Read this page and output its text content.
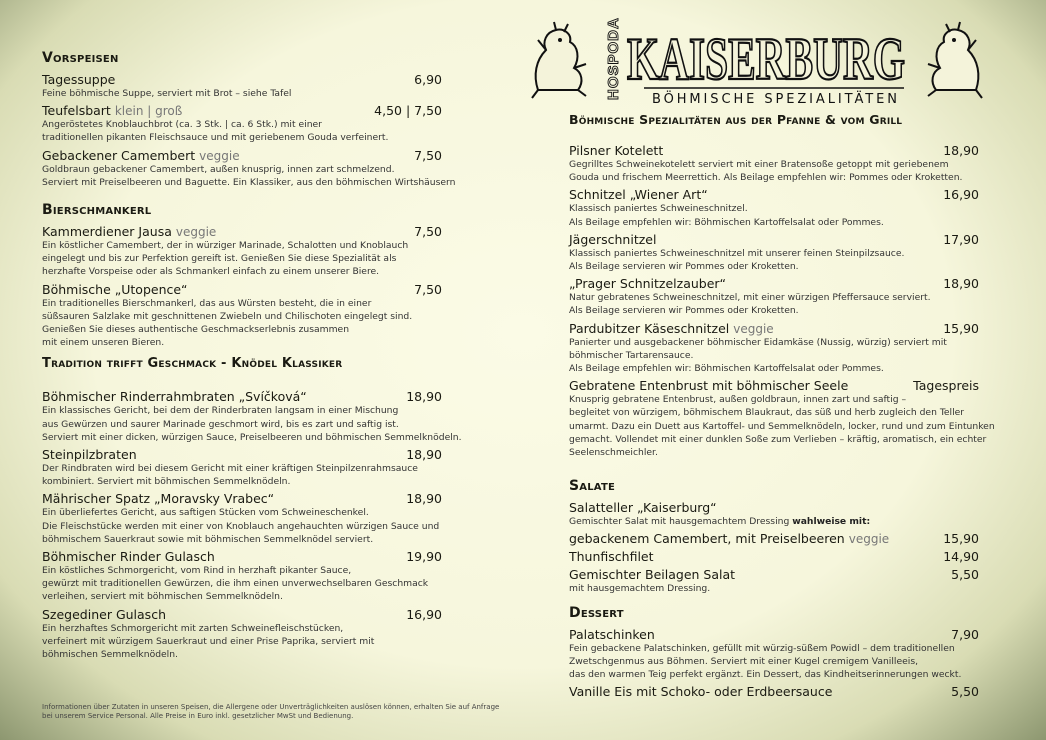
HOSPODA KAISERBURG
BÖHMISCHE SPEZIALITÄTEN
Vorspeisen
Tagessuppe	6,90
Feine böhmische Suppe, serviert mit Brot – siehe Tafel
Teufelsbart klein | groß	4,50 | 7,50
Angeröstetes Knoblauchbrot (ca. 3 Stk. | ca. 6 Stk.) mit einer
traditionellen pikanten Fleischsauce und mit geriebenem Gouda verfeinert.
Gebackener Camembert veggie	7,50
Goldbraun gebackener Camembert, außen knusprig, innen zart schmelzend.
Serviert mit Preiselbeeren und Baguette. Ein Klassiker, aus den böhmischen Wirtshäusern
Bierschmankerl
Kammerdiener Jausa veggie	7,50
Ein köstlicher Camembert, der in würziger Marinade, Schalotten und Knoblauch
eingelegt und bis zur Perfektion gereift ist. Genießen Sie diese Spezialität als
herzhafte Vorspeise oder als Schmankerl einfach zu einem unserer Biere.
Böhmische „Utopence“	7,50
Ein traditionelles Bierschmankerl, das aus Würsten besteht, die in einer
süßsauren Salzlake mit geschnittenen Zwiebeln und Chilischoten eingelegt sind.
Genießen Sie dieses authentische Geschmackserlebnis zusammen
mit einem unseren Bieren.
Tradition trifft Geschmack - Knödel Klassiker
Böhmischer Rinderrahmbraten „Svíčková“	18,90
Ein klassisches Gericht, bei dem der Rinderbraten langsam in einer Mischung
aus Gewürzen und saurer Marinade geschmort wird, bis es zart und saftig ist.
Serviert mit einer dicken, würzigen Sauce, Preiselbeeren und böhmischen Semmelknödeln.
Steinpilzbraten	18,90
Der Rindbraten wird bei diesem Gericht mit einer kräftigen Steinpilzenrahmsauce
kombiniert. Serviert mit böhmischen Semmelknödeln.
Mährischer Spatz „Moravsky Vrabec“	18,90
Ein überliefertes Gericht, aus saftigen Stücken vom Schweineschenkel.
Die Fleischstücke werden mit einer von Knoblauch angehauchten würzigen Sauce und
böhmischem Sauerkraut sowie mit böhmischen Semmelknödel serviert.
Böhmischer Rinder Gulasch	19,90
Ein köstliches Schmorgericht, vom Rind in herzhaft pikanter Sauce,
gewürzt mit traditionellen Gewürzen, die ihm einen unverwechselbaren Geschmack
verleihen, serviert mit böhmischen Semmelknödeln.
Szegediner Gulasch	16,90
Ein herzhaftes Schmorgericht mit zarten Schweinefleischstücken,
verfeinert mit würzigem Sauerkraut und einer Prise Paprika, serviert mit
böhmischen Semmelknödeln.
Informationen über Zutaten in unseren Speisen, die Allergene oder Unverträglichkeiten auslösen können, erhalten Sie auf Anfrage
bei unserem Service Personal. Alle Preise in Euro inkl. gesetzlicher MwSt und Bedienung.
Böhmische Spezialitäten aus der Pfanne & vom Grill
Pilsner Kotelett	18,90
Gegrilltes Schweinekotelett serviert mit einer Bratensoße getoppt mit geriebenem
Gouda und frischem Meerrettich. Als Beilage empfehlen wir: Pommes oder Kroketten.
Schnitzel „Wiener Art“	16,90
Klassisch paniertes Schweineschnitzel.
Als Beilage empfehlen wir: Böhmischen Kartoffelsalat oder Pommes.
Jägerschnitzel	17,90
Klassisch paniertes Schweineschnitzel mit unserer feinen Steinpilzsauce.
Als Beilage servieren wir Pommes oder Kroketten.
„Prager Schnitzelzauber“	18,90
Natur gebratenes Schweineschnitzel, mit einer würzigen Pfeffersauce serviert.
Als Beilage servieren wir Pommes oder Kroketten.
Pardubitzer Käseschnitzel veggie	15,90
Panierter und ausgebackener böhmischer Eidamkäse (Nussig, würzig) serviert mit
böhmischer Tartarensauce.
Als Beilage empfehlen wir: Böhmischen Kartoffelsalat oder Pommes.
Gebratene Entenbrust mit böhmischer Seele	Tagespreis
Knusprig gebratene Entenbrust, außen goldbraun, innen zart und saftig –
begleitet von würzigem, böhmischem Blaukraut, das süß und herb zugleich den Teller
umarmt. Dazu ein Duett aus Kartoffel- und Semmelknödeln, locker, rund und zum Eintunken
gemacht. Vollendet mit einer dunklen Soße zum Verlieben – kräftig, aromatisch, ein echter
Seelenschmeichler.
Salate
Salatteller „Kaiserburg“
Gemischter Salat mit hausgemachtem Dressing wahlweise mit:
gebackenem Camembert, mit Preiselbeeren veggie	15,90
Thunfischfilet	14,90
Gemischter Beilagen Salat	5,50
mit hausgemachtem Dressing.
Dessert
Palatschinken	7,90
Fein gebackene Palatschinken, gefüllt mit würzig-süßem Powidl – dem traditionellen
Zwetschgenmus aus Böhmen. Serviert mit einer Kugel cremigem Vanilleeis,
das den warmen Teig perfekt ergänzt. Ein Dessert, das Kindheitserinnerungen weckt.
Vanille Eis mit Schoko- oder Erdbeersauce	5,50
